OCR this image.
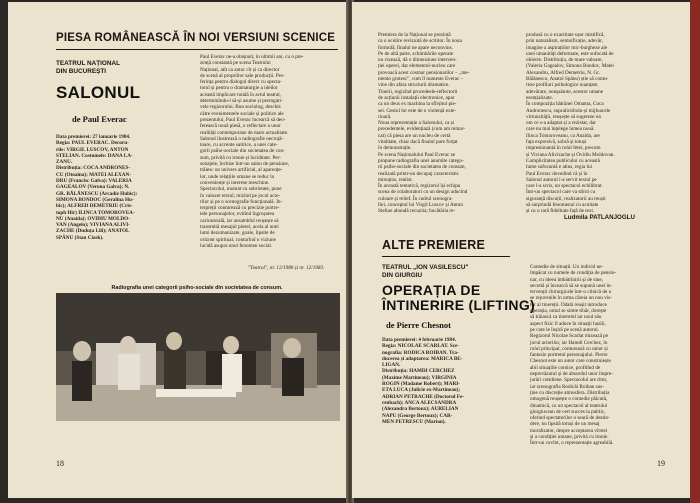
PIESA ROMÂNEASCĂ ÎN NOI VERSIUNI SCENICE
TEATRUL NAȚIONAL
DIN BUCUREȘTI
SALONUL
de Paul Everac

Data premierei: 27 ianuarie 1984.

Regia: PAUL EVERAC. Decoru-

rile: VIRGIL LUSCOV, ANTON

STELIAN. Costumele: DANA LA-

ZANU.

Distribuția: COCA ANDRONES-

CU (Otoaina); MATEI ALEXAN-

DRU (Francisc Galva): VALERIA

GAGEALOV (Verona Galva); N.

GR. BĂLĂNESCU (Arcadie Hubic):

SIMONA BONDOC (Geralina Hu-

bic); ALFRED DEMETRIU (Cris-

toph Hir) ILINCA TOMOROVEA-

NU (Anaida); OVIDIU MOLDO-

VAN (Angelo); VIVIANA ALIVI-

ZACHE (Duduța Lili); ANATOL

SPÂNU (Stan Cizek).

Paul Everac ne-a obișnuit, în ultimii ani, cu o pre-

zență constantă pe scena Teatrului

Național, atît ca autor cît și ca director

de scenă al propriilor sale producții. Pre-

ferința pentru dialogul direct cu specta-

torul și pentru o dramaturgie a ideilor

această implicare totală în actul teatral,

determinîndu-l să-și asume și prerogati-

vele regizorului. Bun sociolog, deschis

către evenimentele sociale și politice ale

prezentului, Paul Everac încearcă să deo-

ferească nouă piesă, o reflectare a unor

realități contemporane de mare actualitate.

Salonul ilustrează o radiografie necruță-

toare, cu accente satirice, a unei cate-

gorii psiho-sociale din societatea de con-

sum, privită cu ironie și luciditate. Per-

sonajele, închise într-un salon de pensiune,

trăiesc un univers artificial, al aparențe-

lor, unde relațiile umane se reduc la

conveniențe și interese meschine.

Spectacolul, montat cu sobrietate, pune

în valoare textul, mizînd pe jocul acto-

rilor și pe o scenografie funcțională. In-

terpreții conturează cu precizie portre-

tele personajelor, evitînd îngroșarea

caricaturală, iar ansamblul reușește să

transmită mesajul piesei, acela al unei

lumi dezumanizate, goale, lipsite de

orizont spiritual, conturînd o viziune

lucidă asupra unui fenomen social.

"Teatrul", nr. 12/1980 și nr. 12/1983.
Radiografia unei categorii psiho-sociale din societatea de consum.
18

Premiera de la Național se prezintă

ca o ocolire revizuită de scriitor. În noua

formulă, finalul ne apare neconvins.

Pe de altă parte, schimbările operate

nu vizează, dă o dimensiune interven-

ției operei, dar elementul-nucleu care

provoacă acest cosmar pensionarilor – ,,me-

mento grotesc", cum îl numeste Everac –

vine din afara structurii dramatice.

Tinerii, regizînd procedeele-reflectorii

de acțiunii instalații electronice, apar

ca un deus ex machina la sfîrșitul pie-

sei. Gestul lor este de o violență exte-

rioară.

Noua reprezentație a Salonului, ca și

precedentele, evidențiază (cum am remar-

cat) că piesa are un nucleu de certă

vitalitate, chiar dacă finalul pare forțat

în demonstrație.

Pe scena Naționalului Paul Everac se

propune radiografia unei anumite catego-

rii psiho-sociale din societatea de consum,

realizată printr-un decupaj caracteristic

minuțios, realist.

În această tentativă, regizorul își echipa

scena de colaboratori cu un design aducînd

culoare și relief. În cadrul scenogra-

fiei, conceptul lui Virgil Luscov și Anton

Stelian abundă recuzita; bucătăria re-

produsă cu o exactitate ușor mistifică,

prin naturalism, semnificație, adevăr,

imagine a aspirațiilor mic-burgheze ale

unei umanități deformate, este sufocată de

obiecte. Distribuția, de mare valoare,

(Valeria Gagealov, Simona Bondoc, Matei

Alexandru, Alfred Demetriu, N. Gr.

Bălănescu, Anatol Spânu) știe să contu-

reze profiluri psihologice nuanțate,

adevărate, nonșalante, acestor umane

esențializate.

În compoziția bătrânei Omama, Coca

Andronescu, supralicitîndu-și mijloacele

virtuozității, reușește să sugereze un

om ce s-a adaptat și a rezistat, dar

care nu mai înțelege lumea nouă.

Ilinca Tomoroveanu, ca Anaida, are

fața expresivă, sobră și totuși

impresionantă în rolul fetei, precum

și Viviana Alivizache și Ovidiu Moldovan.

Complicitatea publicului cu această

lume sufocantă e atins, regia lui

Paul Everac dovedind că și în

Salonul autorul i-a servit textul pe

care l-a scris, un spectacol echilibrat.

Într-un spectacol care va stîrni cu

siguranță discuții, realizatorii au reușit

să surprindă fenomenul cu acuitate

și cu o rară fidelitate față de text.

Ludmila PATLANJOGLU
ALTE PREMIERE
TEATRUL „ION VASILESCU"
DIN GIURGIU
OPERAȚIA DE
ÎNTINERIRE (LIFTING)
de Pierre Chesnot

Data premierei: 4 februarie 1984.

Regia: NICOLAE SCARLAT. Sce-

nografia: RODICA ROIBAN. Tra-

ducerea și adaptarea: MARICA BE-

LIGAN.

Distribuția: HAMDI CERCHEZ

(Maxime Martineau); VIRGINIA

ROGIN (Madame Robert); MARI-

ETA LUCA (Julicie ex-Martineau);

ADRIAN PETRACHE (Doctorul Fe-

renbach); ANCA ALECSANDRA

(Alexandra Bertoux); AURELIAN

NAPU (George Bertoux); CAR-

MEN PETRESCU (Marion).

Comedie de situații. Un individ ne-

împăcat cu numele de condiția de pensio-

nar, cu ideea îmbătrînirii și de sine,

secretă și încearcă să se supună unei in-

tervenții chirurgicale într-o clinică de a

se rejuvenile în urma căreia un nou vis-

tor al tinereții. Odată reușit introduce

operația, omul se simte tînăr, dorește

să trăiască ca tineretul iar noul său

aspect fizic îl aduce în situații hazlii,

pe care le înșiră pe scenă autorul.

Regizorul Nicolae Scarlat mizează pe

jocul actorilor, iar Hamdi Cerchez, în

rolul principal, conturează cu umor și

fantezie portretul personajului. Pierre

Chesnot este un autor care construiește

abil situațiile comice, profitînd de

neprevăzutul și de absurdul unor împre-

jurări cotidiene. Spectacolul are ritm,

iar scenografia Rodicăi Roiban sus-

ține cu discreție atmosfera. Distribuția

omogenă reușește o comedie plăcută,

dinamică, cu un spectacol al teatrului

giurgiuvean de cert succes la public,

oferind spectatorilor o seară de destin-

dere, nu lipsită totuși de un mesaj

moralizator, despre acceptarea vîrstei

și a condiției umane, privită cu ironie.

Într-un cuvînt, o reprezentație agreabilă.

19
